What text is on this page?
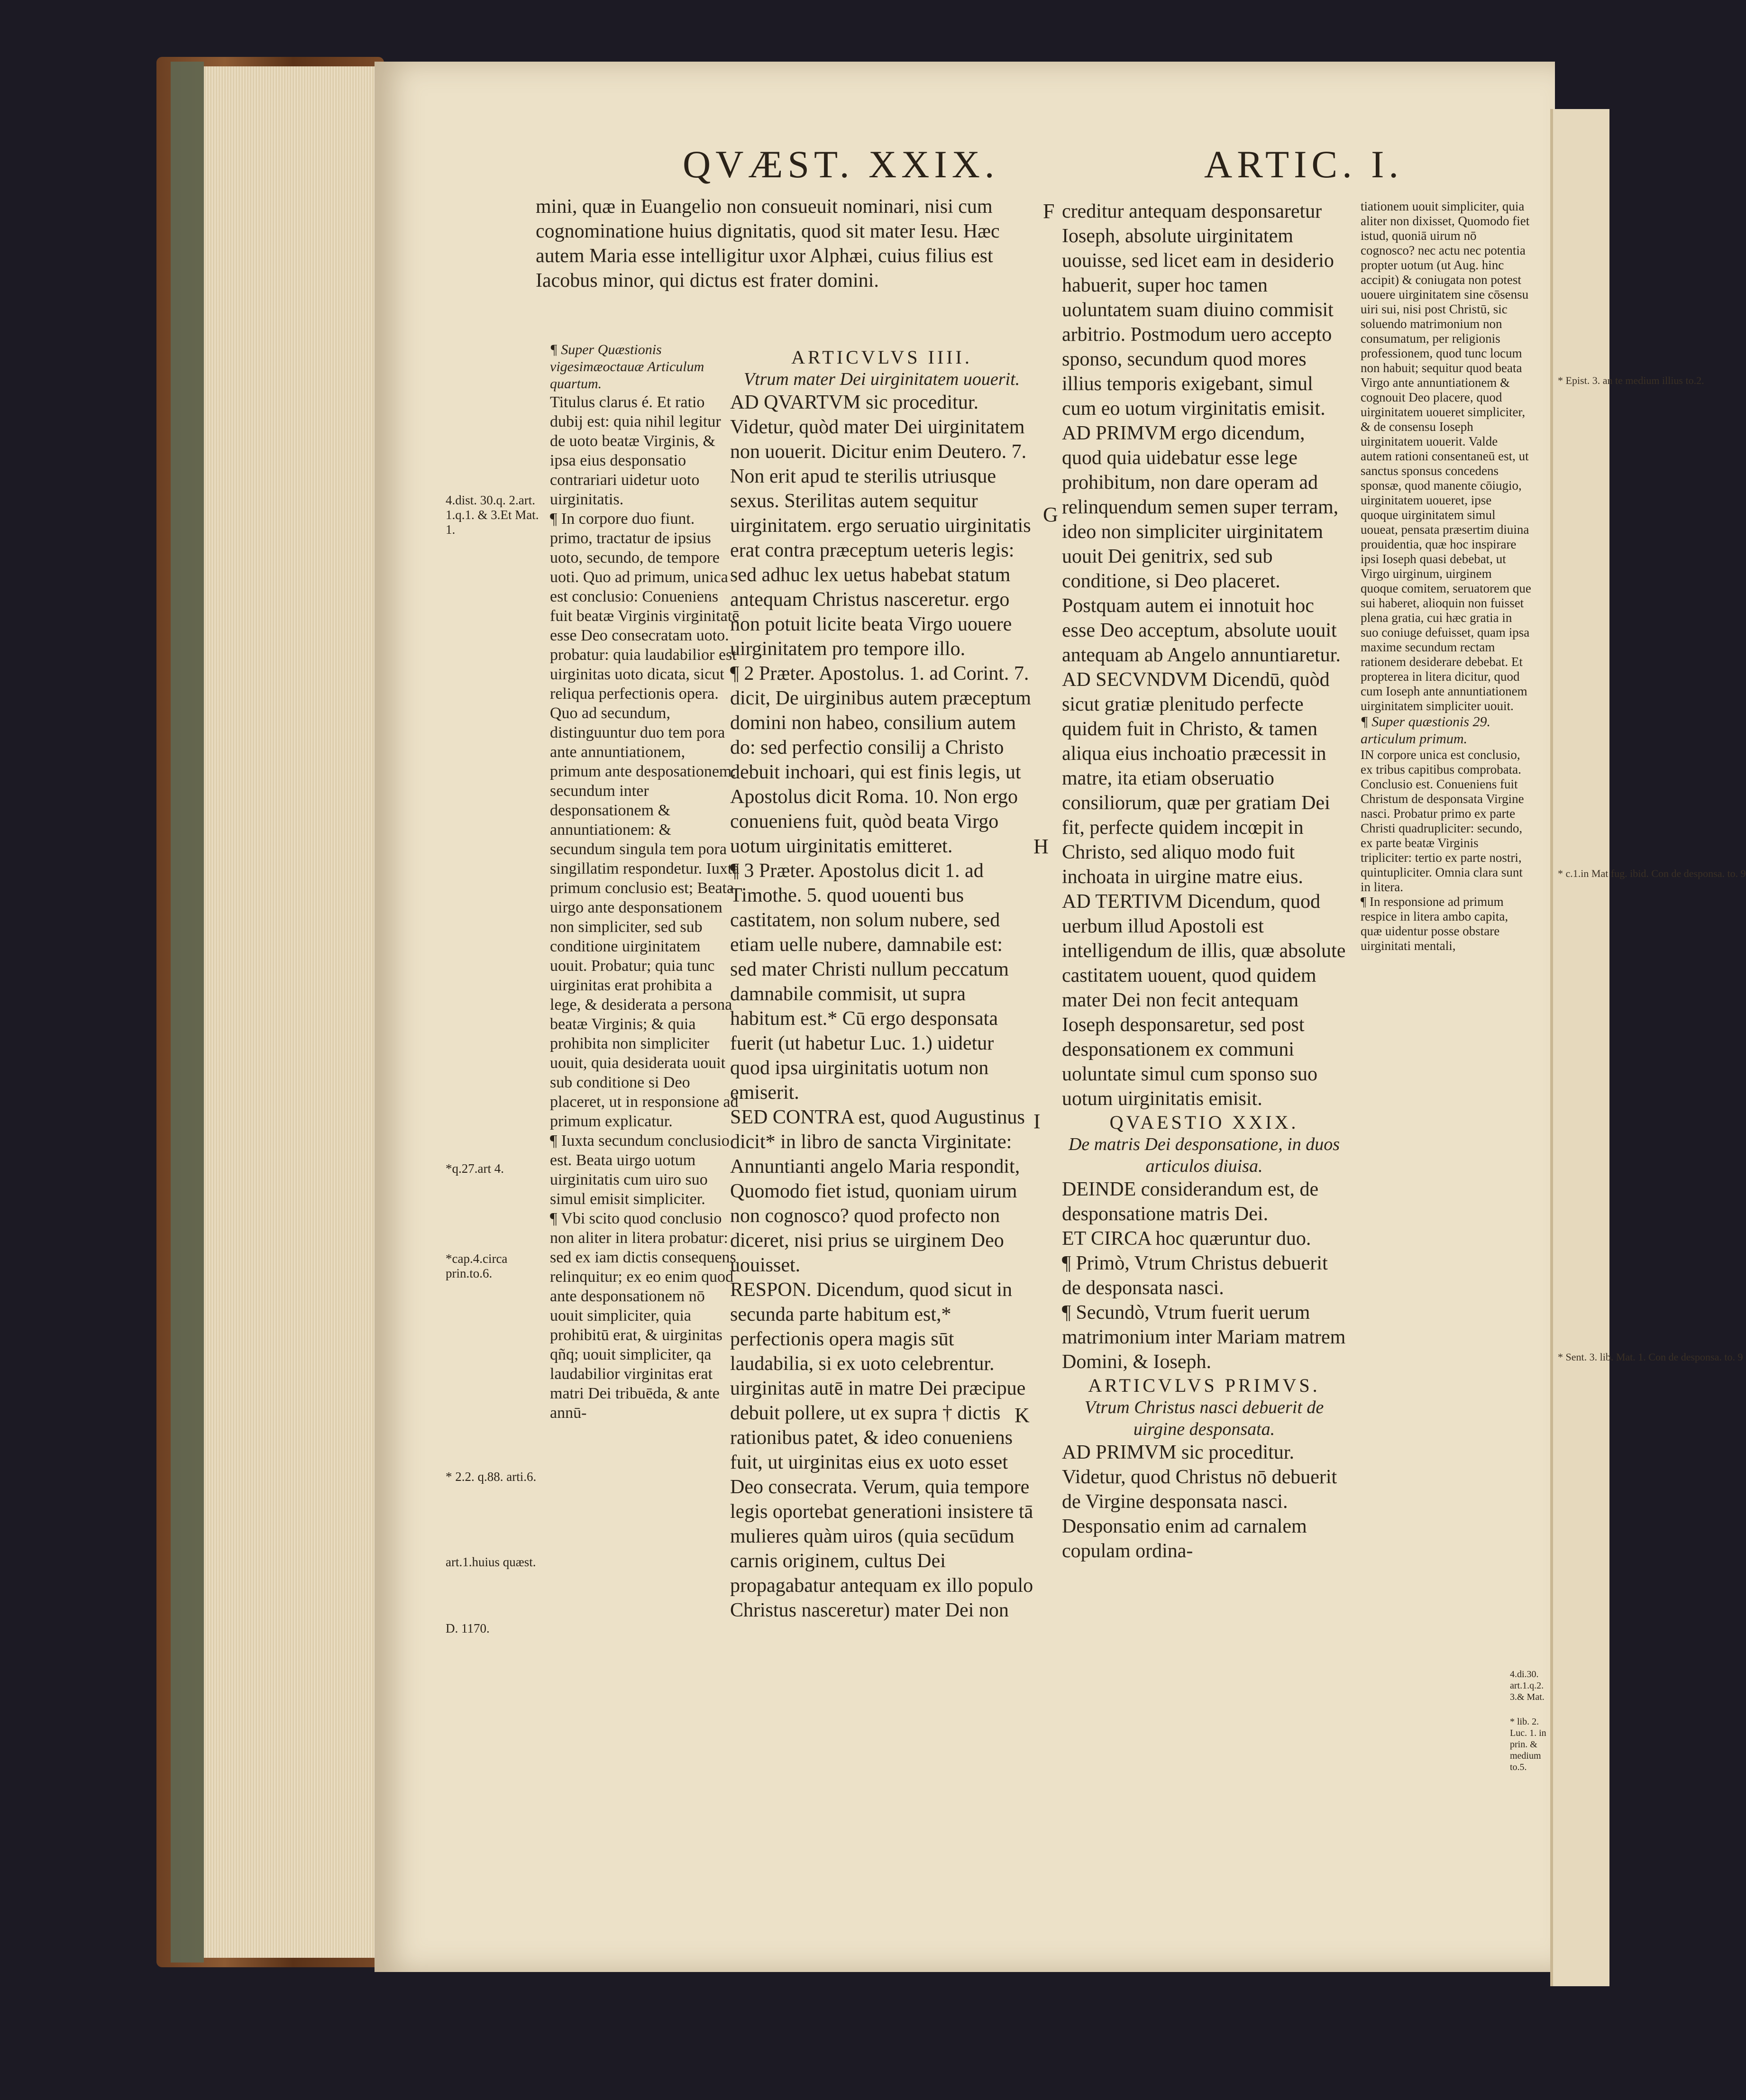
* Epist. 3. an te medium illius to.2.
* c.1.in Mat fug. ibid. Con de desponsa. to. 9
* Sent. 3. lib. Mat. 1. Con de desponsa. to. 9
QVÆST. XXIX.	ARTIC. I.

mini, quæ in Euangelio non consueuit nominari, nisi cum cognominatione huius dignitatis, quod sit mater Iesu. Hæc autem Maria esse intelligitur uxor Alphæi, cuius filius est Iacobus minor, qui dictus est frater domini.

¶ Super Quæstionis vigesimæoctauæ Articulum quartum.

Titulus clarus é. Et ratio dubij est: quia nihil legitur de uoto beatæ Virginis, & ipsa eius desponsatio contrariari uidetur uoto uirginitatis.

¶ In corpore duo fiunt. primo, tractatur de ipsius uoto, secundo, de tempore uoti. Quo ad primum, unica est conclusio: Conueniens fuit beatæ Virginis virginitatē esse Deo consecratam uoto. probatur: quia laudabilior est uirginitas uoto dicata, sicut reliqua perfectionis opera. Quo ad secundum, distinguuntur duo tem pora ante annuntiationem, primum ante desposationem: secundum inter desponsationem & annuntiationem: & secundum singula tem pora singillatim respondetur. Iuxta primum conclusio est; Beata uirgo ante desponsationem non simpliciter, sed sub conditione uirginitatem uouit. Probatur; quia tunc uirginitas erat prohibita a lege, & desiderata a persona beatæ Virginis; & quia prohibita non simpliciter uouit, quia desiderata uouit sub conditione si Deo placeret, ut in responsione ad primum explicatur.

¶ Iuxta secundum conclusio est. Beata uirgo uotum uirginitatis cum uiro suo simul emisit simpliciter.

¶ Vbi scito quod conclusio non aliter in litera probatur: sed ex iam dictis consequens relinquitur; ex eo enim quod ante desponsationem nō uouit simpliciter, quia prohibitū erat, & uirginitas qñq; uouit simpliciter, qa laudabilior virginitas erat matri Dei tribuēda, & ante annū-

4.dist. 30.q. 2.art. 1.q.1. & 3.Et Mat. 1.
*q.27.art 4.
*cap.4.circa prin.to.6.
* 2.2. q.88. arti.6.
art.1.huius quæst.
D. 1170.

ARTICVLVS IIII.

Vtrum mater Dei uirginitatem uouerit.

AD QVARTVM sic proceditur. Videtur, quòd mater Dei uirginitatem non uouerit. Dicitur enim Deutero. 7. Non erit apud te sterilis utriusque sexus. Sterilitas autem sequitur uirginitatem. ergo seruatio uirginitatis erat contra præceptum ueteris legis: sed adhuc lex uetus habebat statum antequam Christus nasceretur. ergo non potuit licite beata Virgo uouere uirginitatem pro tempore illo.

¶ 2 Præter. Apostolus. 1. ad Corint. 7. dicit, De uirginibus autem præceptum domini non habeo, consilium autem do: sed perfectio consilij a Christo debuit inchoari, qui est finis legis, ut Apostolus dicit Roma. 10. Non ergo conueniens fuit, quòd beata Virgo uotum uirginitatis emitteret.

¶ 3 Præter. Apostolus dicit 1. ad Timothe. 5. quod uouenti bus castitatem, non solum nubere, sed etiam uelle nubere, damnabile est: sed mater Christi nullum peccatum damnabile commisit, ut supra habitum est.* Cū ergo desponsata fuerit (ut habetur Luc. 1.) uidetur quod ipsa uirginitatis uotum non emiserit.

SED CONTRA est, quod Augustinus dicit* in libro de sancta Virginitate: Annuntianti angelo Maria respondit, Quomodo fiet istud, quoniam uirum non cognosco? quod profecto non diceret, nisi prius se uirginem Deo uouisset.

RESPON. Dicendum, quod sicut in secunda parte habitum est,* perfectionis opera magis sūt laudabilia, si ex uoto celebrentur. uirginitas autē in matre Dei præcipue debuit pollere, ut ex supra † dictis rationibus patet, & ideo conueniens fuit, ut uirginitas eius ex uoto esset Deo consecrata. Verum, quia tempore legis oportebat generationi insistere tā mulieres quàm uiros (quia secūdum carnis originem, cultus Dei propagabatur antequam ex illo populo Christus nasceretur) mater Dei non

F
G
H
I
K

creditur antequam desponsaretur Ioseph, absolute uirginitatem uouisse, sed licet eam in desiderio habuerit, super hoc tamen uoluntatem suam diuino commisit arbitrio. Postmodum uero accepto sponso, secundum quod mores illius temporis exigebant, simul cum eo uotum virginitatis emisit.

AD PRIMVM ergo dicendum, quod quia uidebatur esse lege prohibitum, non dare operam ad relinquendum semen super terram, ideo non simpliciter uirginitatem uouit Dei genitrix, sed sub conditione, si Deo placeret. Postquam autem ei innotuit hoc esse Deo acceptum, absolute uouit antequam ab Angelo annuntiaretur.

AD SECVNDVM Dicendū, quòd sicut gratiæ plenitudo perfecte quidem fuit in Christo, & tamen aliqua eius inchoatio præcessit in matre, ita etiam obseruatio consiliorum, quæ per gratiam Dei fit, perfecte quidem incœpit in Christo, sed aliquo modo fuit inchoata in uirgine matre eius.

AD TERTIVM Dicendum, quod uerbum illud Apostoli est intelligendum de illis, quæ absolute castitatem uouent, quod quidem mater Dei non fecit antequam Ioseph desponsaretur, sed post desponsationem ex communi uoluntate simul cum sponso suo uotum uirginitatis emisit.

QVAESTIO XXIX.

De matris Dei desponsatione, in duos articulos diuisa.

DEINDE considerandum est, de desponsatione matris Dei.

ET CIRCA hoc quæruntur duo.

¶ Primò, Vtrum Christus debuerit de desponsata nasci.

¶ Secundò, Vtrum fuerit uerum matrimonium inter Mariam matrem Domini, & Ioseph.

ARTICVLVS PRIMVS.

Vtrum Christus nasci debuerit de uirgine desponsata.

AD PRIMVM sic proceditur. Videtur, quod Christus nō debuerit de Virgine desponsata nasci. Desponsatio enim ad carnalem copulam ordina-

tiationem uouit simpliciter, quia aliter non dixisset, Quomodo fiet istud, quoniā uirum nō cognosco? nec actu nec potentia propter uotum (ut Aug. hinc accipit) & coniugata non potest uouere uirginitatem sine cōsensu uiri sui, nisi post Christū, sic soluendo matrimonium non consumatum, per religionis professionem, quod tunc locum non habuit; sequitur quod beata Virgo ante annuntiationem & cognouit Deo placere, quod uirginitatem uoueret simpliciter, & de consensu Ioseph uirginitatem uouerit. Valde autem rationi consentaneū est, ut sanctus sponsus concedens sponsæ, quod manente cōiugio, uirginitatem uoueret, ipse quoque uirginitatem simul uoueat, pensata præsertim diuina prouidentia, quæ hoc inspirare ipsi Ioseph quasi debebat, ut Virgo uirginum, uirginem quoque comitem, seruatorem que sui haberet, alioquin non fuisset plena gratia, cui hæc gratia in suo coniuge defuisset, quam ipsa maxime secundum rectam rationem desiderare debebat. Et propterea in litera dicitur, quod cum Ioseph ante annuntiationem uirginitatem simpliciter uouit.

¶ Super quæstionis 29. articulum primum.

IN corpore unica est conclusio, ex tribus capitibus comprobata. Conclusio est. Conueniens fuit Christum de desponsata Virgine nasci. Probatur primo ex parte Christi quadrupliciter: secundo, ex parte beatæ Virginis tripliciter: tertio ex parte nostri, quintupliciter. Omnia clara sunt in litera.

¶ In responsione ad primum respice in litera ambo capita, quæ uidentur posse obstare uirginitati mentali,

4.di.30. art.1.q.2. 3.& Mat.
* lib. 2. Luc. 1. in prin. & medium to.5.
